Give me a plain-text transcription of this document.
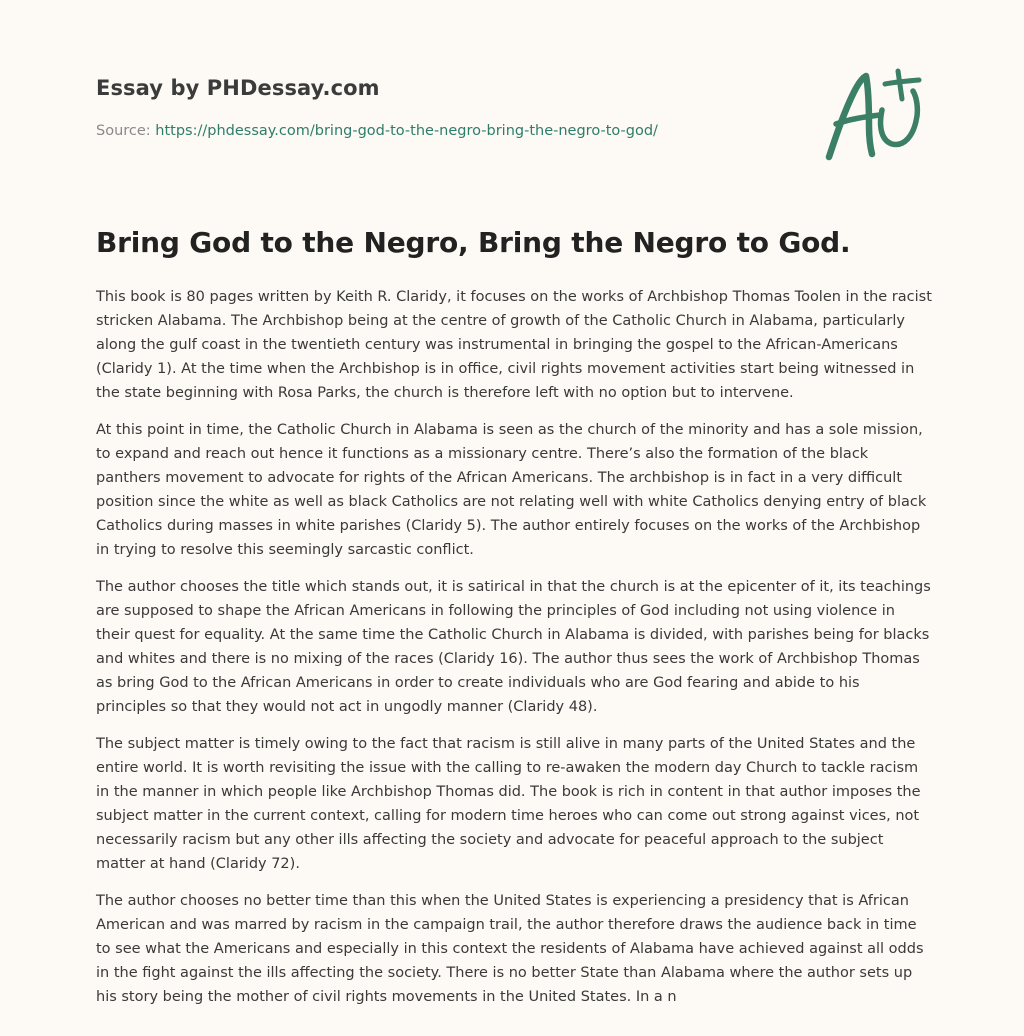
Essay by PHDessay.com
Source: https://phdessay.com/bring-god-to-the-negro-bring-the-negro-to-god/
Bring God to the Negro, Bring the Negro to God.

This book is 80 pages written by Keith R. Claridy, it focuses on the works of Archbishop Thomas Toolen in the racist stricken Alabama. The Archbishop being at the centre of growth of the Catholic Church in Alabama, particularly along the gulf coast in the twentieth century was instrumental in bringing the gospel to the African-Americans (Claridy 1). At the time when the Archbishop is in office, civil rights movement activities start being witnessed in the state beginning with Rosa Parks, the church is therefore left with no option but to intervene.

At this point in time, the Catholic Church in Alabama is seen as the church of the minority and has a sole mission, to expand and reach out hence it functions as a missionary centre. There’s also the formation of the black panthers movement to advocate for rights of the African Americans. The archbishop is in fact in a very difficult position since the white as well as black Catholics are not relating well with white Catholics denying entry of black Catholics during masses in white parishes (Claridy 5). The author entirely focuses on the works of the Archbishop in trying to resolve this seemingly sarcastic conflict.

The author chooses the title which stands out, it is satirical in that the church is at the epicenter of it, its teachings are supposed to shape the African Americans in following the principles of God including not using violence in their quest for equality. At the same time the Catholic Church in Alabama is divided, with parishes being for blacks and whites and there is no mixing of the races (Claridy 16). The author thus sees the work of Archbishop Thomas as bring God to the African Americans in order to create individuals who are God fearing and abide to his principles so that they would not act in ungodly manner (Claridy 48).

The subject matter is timely owing to the fact that racism is still alive in many parts of the United States and the entire world. It is worth revisiting the issue with the calling to re-awaken the modern day Church to tackle racism in the manner in which people like Archbishop Thomas did. The book is rich in content in that author imposes the subject matter in the current context, calling for modern time heroes who can come out strong against vices, not necessarily racism but any other ills affecting the society and advocate for peaceful approach to the subject matter at hand (Claridy 72).

The author chooses no better time than this when the United States is experiencing a presidency that is African American and was marred by racism in the campaign trail, the author therefore draws the audience back in time to see what the Americans and especially in this context the residents of Alabama have achieved against all odds in the fight against the ills affecting the society. There is no better State than Alabama where the author sets up his story being the mother of civil rights movements in the United States. In a n
